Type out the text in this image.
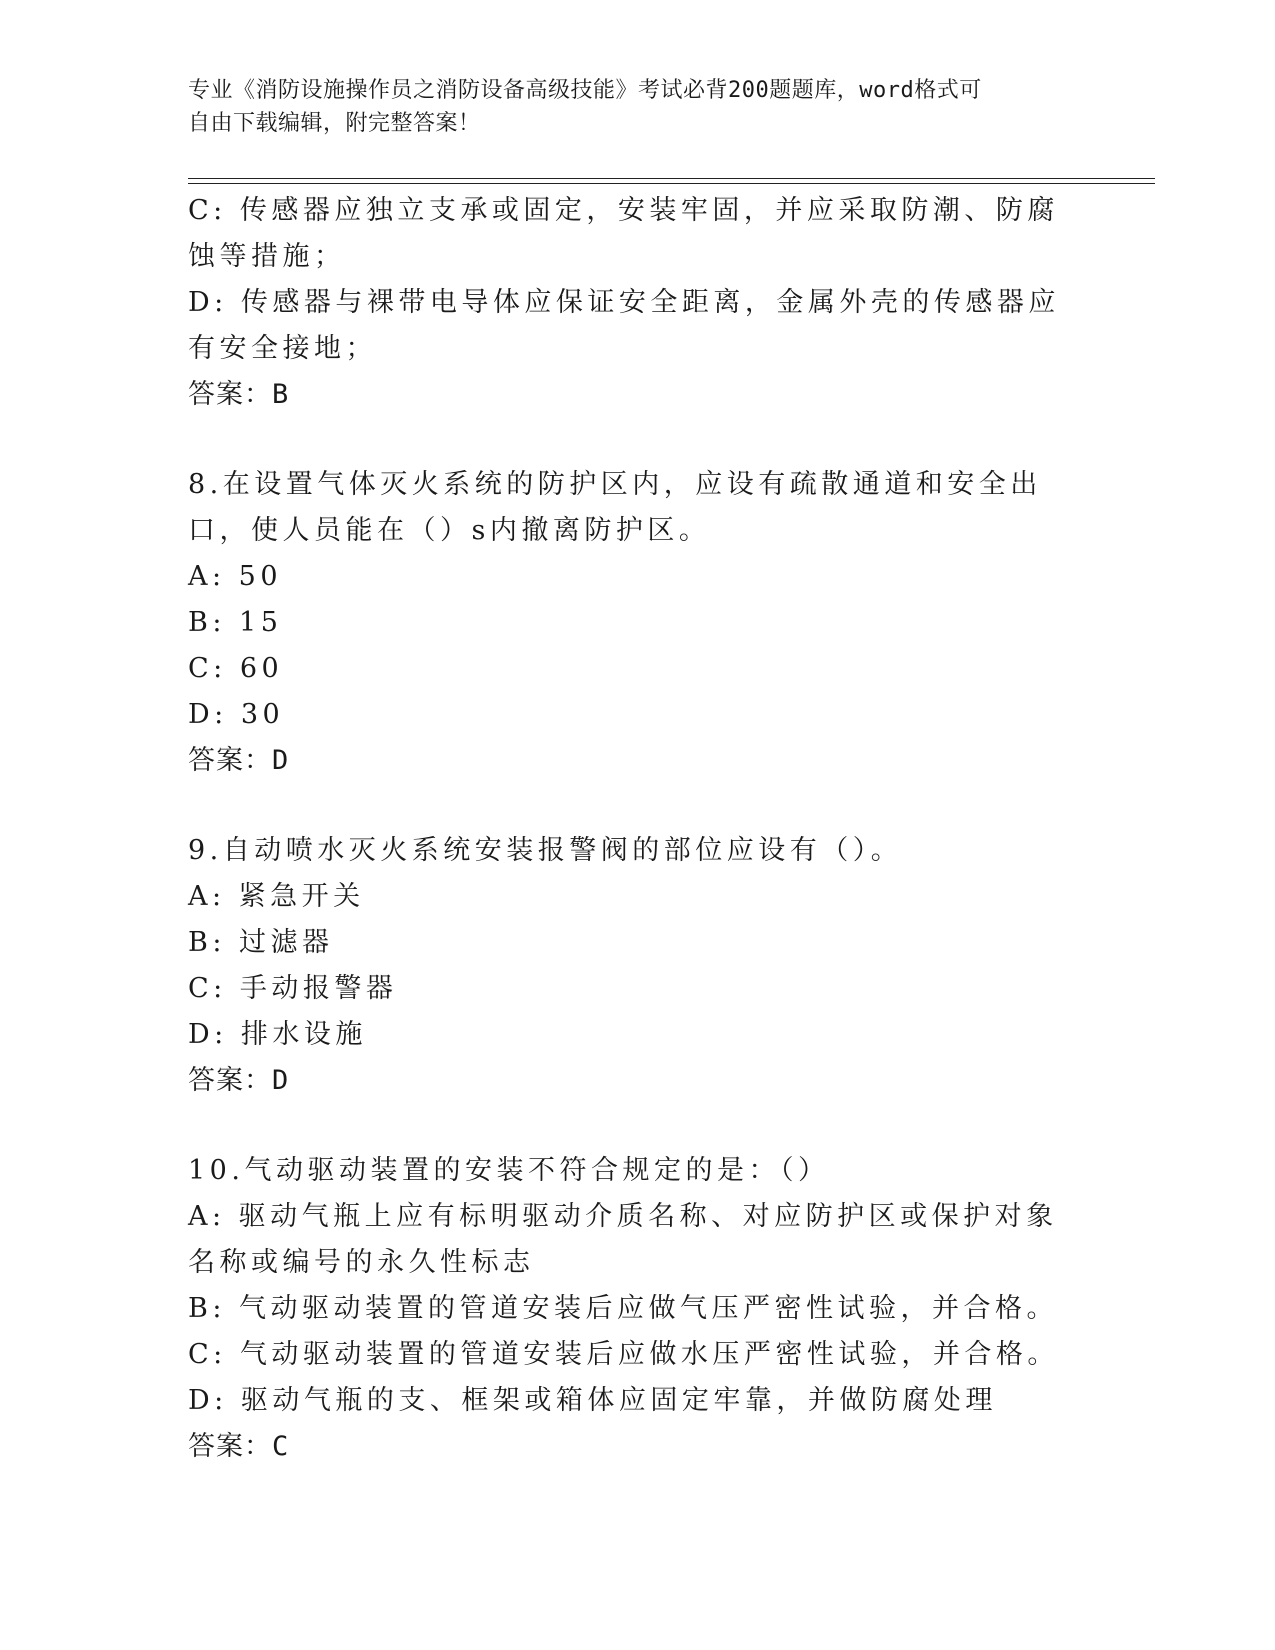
专业《消防设施操作员之消防设备高级技能》考试必背200题题库，word格式可
自由下载编辑，附完整答案！

C: 传感器应独立支承或固定，安装牢固，并应采取防潮、防腐蚀等措施；

D: 传感器与裸带电导体应保证安全距离，金属外壳的传感器应有安全接地；

答案：B

8.在设置气体灭火系统的防护区内，应设有疏散通道和安全出口，使人员能在（）s内撤离防护区。

A: 50

B: 15

C: 60

D: 30

答案：D

9.自动喷水灭火系统安装报警阀的部位应设有（）。

A: 紧急开关

B: 过滤器

C: 手动报警器

D: 排水设施

答案：D

10.气动驱动装置的安装不符合规定的是：（）

A: 驱动气瓶上应有标明驱动介质名称、对应防护区或保护对象名称或编号的永久性标志

B: 气动驱动装置的管道安装后应做气压严密性试验，并合格。

C: 气动驱动装置的管道安装后应做水压严密性试验，并合格。

D: 驱动气瓶的支、框架或箱体应固定牢靠，并做防腐处理

答案：C
